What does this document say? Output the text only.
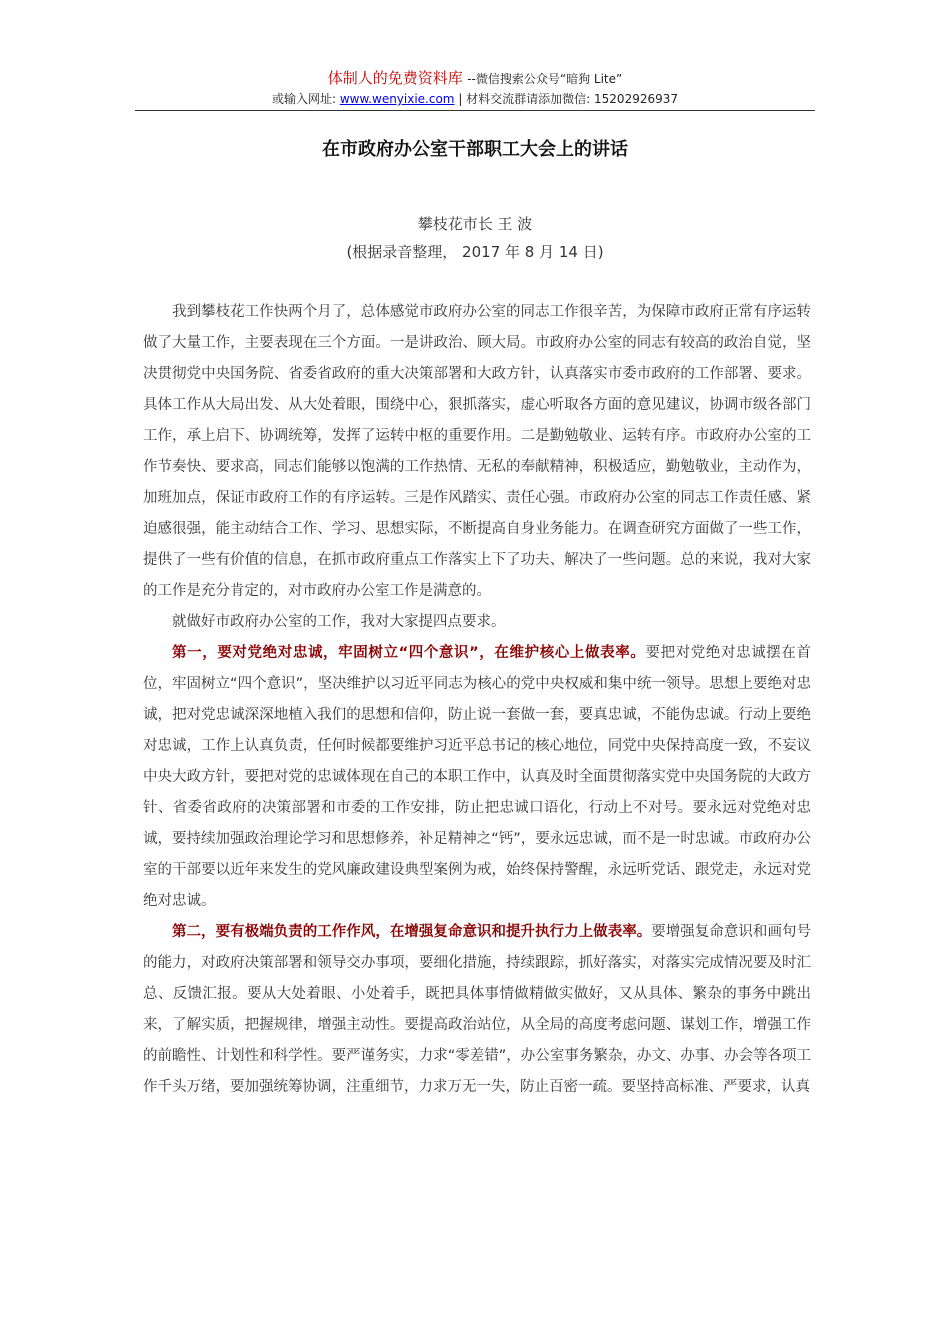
体制人的免费资料库 --微信搜索公众号“暗狗 Lite”
或输入网址: www.wenyixie.com | 材料交流群请添加微信: 15202926937
在市政府办公室干部职工大会上的讲话
攀枝花市长 王 波
(根据录音整理， 2017 年 8 月 14 日)

我到攀枝花工作快两个月了，总体感觉市政府办公室的同志工作很辛苦，为保障市政府正常有序运转做了大量工作，主要表现在三个方面。一是讲政治、顾大局。市政府办公室的同志有较高的政治自觉，坚决贯彻党中央国务院、省委省政府的重大决策部署和大政方针，认真落实市委市政府的工作部署、要求。具体工作从大局出发、从大处着眼，围绕中心，狠抓落实，虚心听取各方面的意见建议，协调市级各部门工作，承上启下、协调统筹，发挥了运转中枢的重要作用。二是勤勉敬业、运转有序。市政府办公室的工作节奏快、要求高，同志们能够以饱满的工作热情、无私的奉献精神，积极适应，勤勉敬业，主动作为，加班加点，保证市政府工作的有序运转。三是作风踏实、责任心强。市政府办公室的同志工作责任感、紧迫感很强，能主动结合工作、学习、思想实际，不断提高自身业务能力。在调查研究方面做了一些工作，提供了一些有价值的信息，在抓市政府重点工作落实上下了功夫、解决了一些问题。总的来说，我对大家的工作是充分肯定的，对市政府办公室工作是满意的。

就做好市政府办公室的工作，我对大家提四点要求。

第一，要对党绝对忠诚，牢固树立“四个意识”，在维护核心上做表率。要把对党绝对忠诚摆在首位，牢固树立“四个意识”，坚决维护以习近平同志为核心的党中央权威和集中统一领导。思想上要绝对忠诚，把对党忠诚深深地植入我们的思想和信仰，防止说一套做一套，要真忠诚，不能伪忠诚。行动上要绝对忠诚，工作上认真负责，任何时候都要维护习近平总书记的核心地位，同党中央保持高度一致，不妄议中央大政方针，要把对党的忠诚体现在自己的本职工作中，认真及时全面贯彻落实党中央国务院的大政方针、省委省政府的决策部署和市委的工作安排，防止把忠诚口语化，行动上不对号。要永远对党绝对忠诚，要持续加强政治理论学习和思想修养，补足精神之“钙”，要永远忠诚，而不是一时忠诚。市政府办公室的干部要以近年来发生的党风廉政建设典型案例为戒，始终保持警醒，永远听党话、跟党走，永远对党绝对忠诚。

第二，要有极端负责的工作作风，在增强复命意识和提升执行力上做表率。要增强复命意识和画句号的能力，对政府决策部署和领导交办事项，要细化措施，持续跟踪，抓好落实，对落实完成情况要及时汇总、反馈汇报。要从大处着眼、小处着手，既把具体事情做精做实做好，又从具体、繁杂的事务中跳出来，了解实质，把握规律，增强主动性。要提高政治站位，从全局的高度考虑问题、谋划工作，增强工作的前瞻性、计划性和科学性。要严谨务实，力求“零差错”，办公室事务繁杂，办文、办事、办会等各项工作千头万绪，要加强统筹协调，注重细节，力求万无一失，防止百密一疏。要坚持高标准、严要求，认真
